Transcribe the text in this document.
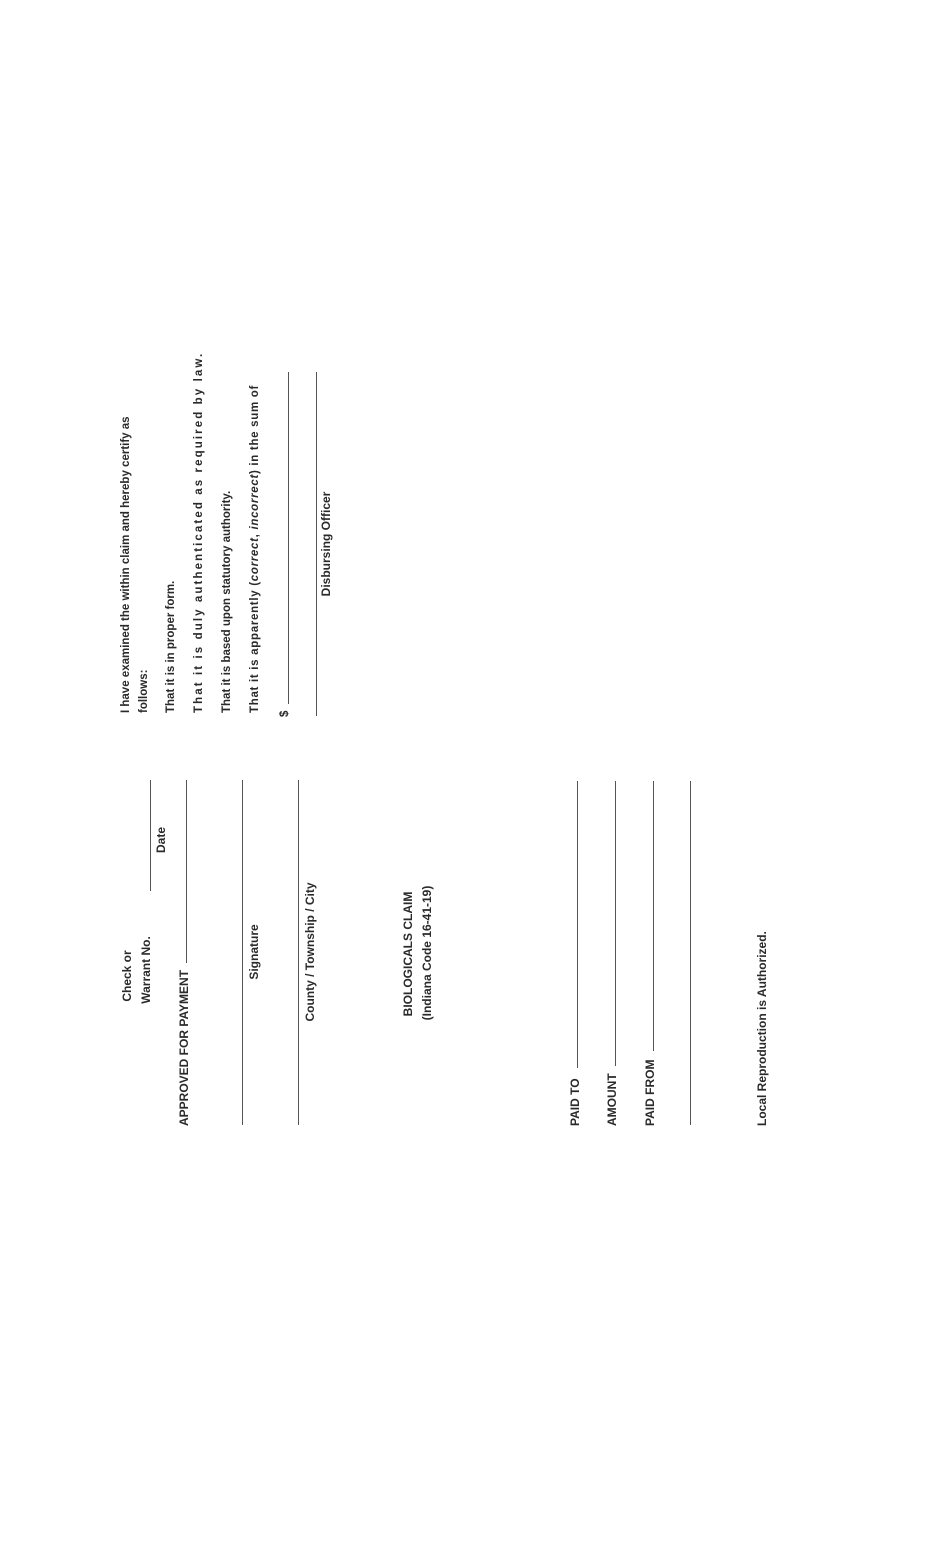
I have examined the within claim and hereby certify as follows: That it is in proper form. That it is duly authenticated as required by law. That it is based upon statutory authority. That it is apparently (correct, incorrect) in the sum of
$
Disbursing Officer
Check or Warrant No.
Date
APPROVED FOR PAYMENT
Signature	County / Township / City	BIOLOGICALS CLAIM (Indiana Code 16-41-19)
PAID TO AMOUNT PAID FROM	Local Reproduction is Authorized.
